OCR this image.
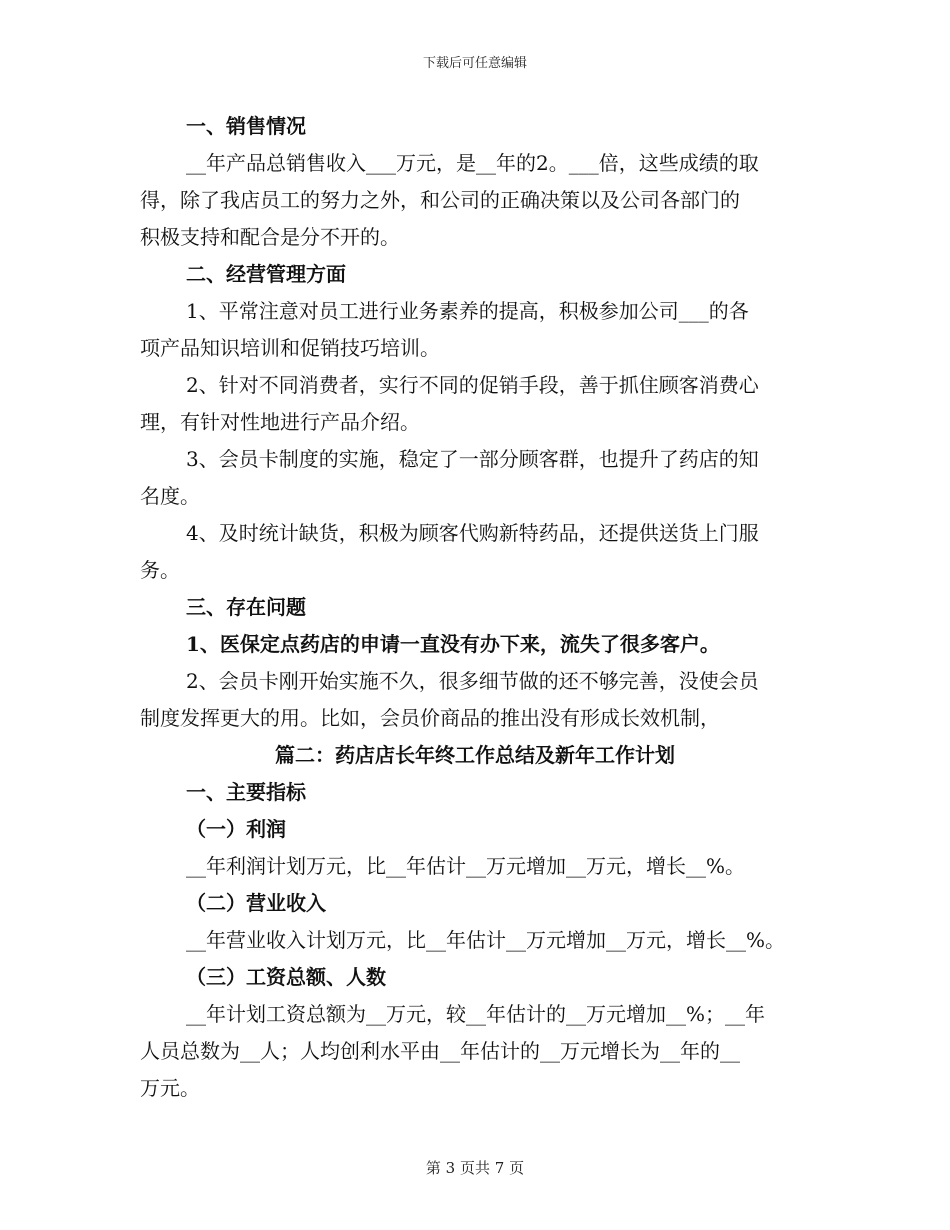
下载后可任意编辑
一、销售情况
__年产品总销售收入___万元，是__年的2。___倍，这些成绩的取
得，除了我店员工的努力之外，和公司的正确决策以及公司各部门的
积极支持和配合是分不开的。
二、经营管理方面
1、平常注意对员工进行业务素养的提高，积极参加公司___的各
项产品知识培训和促销技巧培训。
2、针对不同消费者，实行不同的促销手段，善于抓住顾客消费心
理，有针对性地进行产品介绍。
3、会员卡制度的实施，稳定了一部分顾客群，也提升了药店的知
名度。
4、及时统计缺货，积极为顾客代购新特药品，还提供送货上门服
务。
三、存在问题
1、医保定点药店的申请一直没有办下来，流失了很多客户。
2、会员卡刚开始实施不久，很多细节做的还不够完善，没使会员
制度发挥更大的用。比如，会员价商品的推出没有形成长效机制，
篇二：药店店长年终工作总结及新年工作计划
一、主要指标
（一）利润
__年利润计划万元，比__年估计__万元增加__万元，增长__%。
（二）营业收入
__年营业收入计划万元，比__年估计__万元增加__万元，增长__%。
（三）工资总额、人数
__年计划工资总额为__万元，较__年估计的__万元增加__%；__年
人员总数为__人；人均创利水平由__年估计的__万元增长为__年的__
万元。
第 3 页共 7 页
